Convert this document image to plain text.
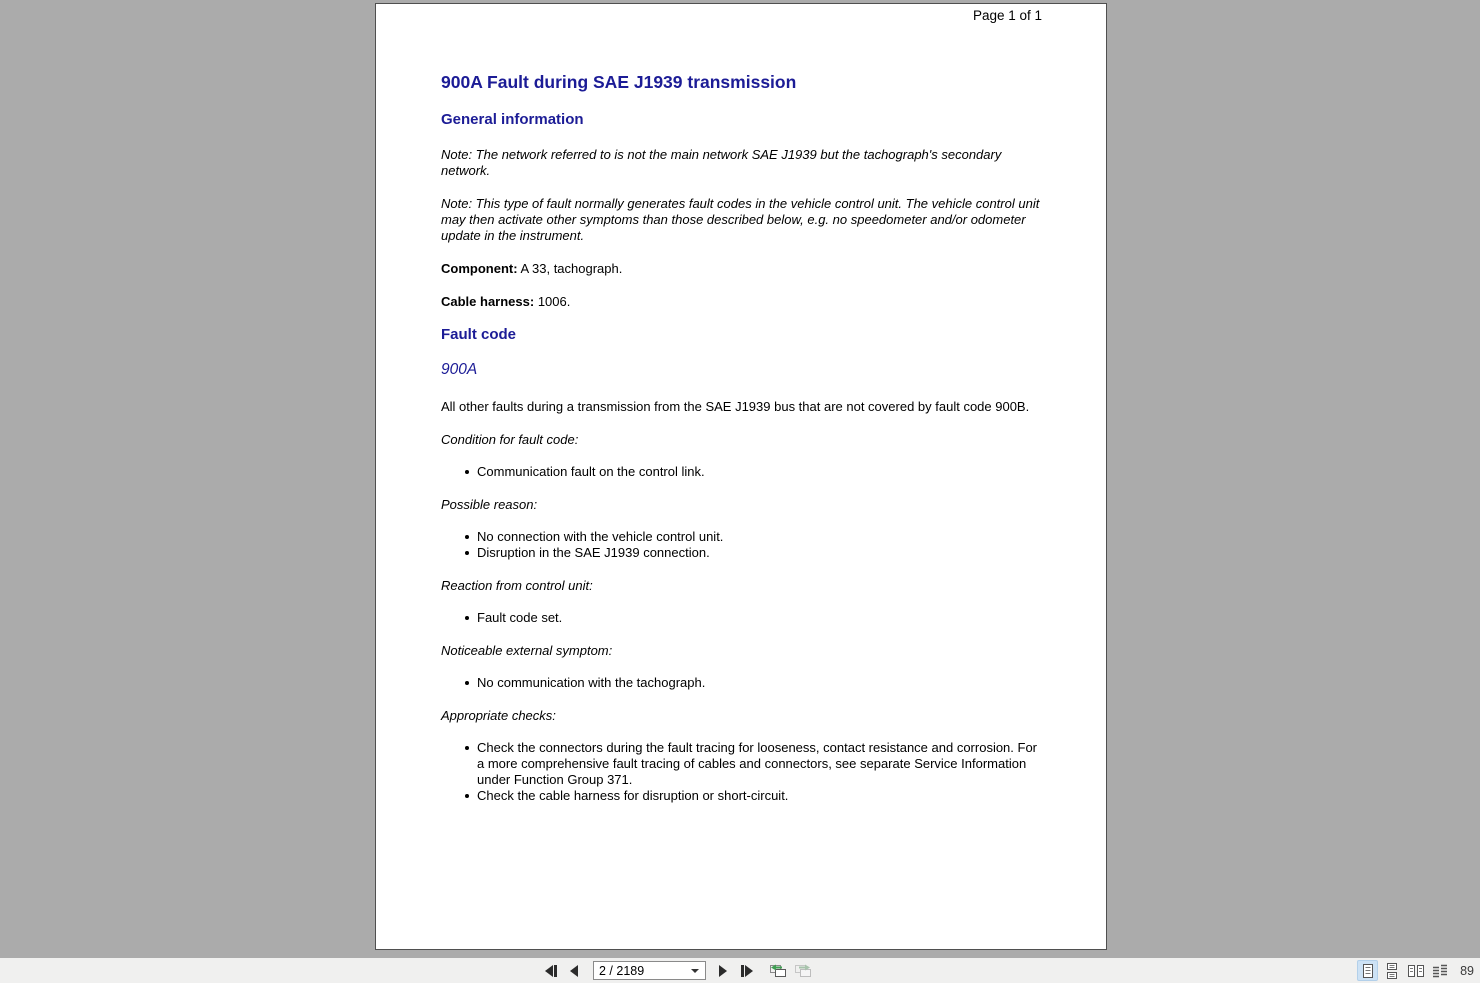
Page 1 of 1
900A Fault during SAE J1939 transmission
General information

Note: The network referred to is not the main network SAE J1939 but the tachograph's secondary network.

Note: This type of fault normally generates fault codes in the vehicle control unit. The vehicle control unit may then activate other symptoms than those described below, e.g. no speedometer and/or odometer update in the instrument.

Component: A 33, tachograph.

Cable harness: 1006.

Fault code
900A

All other faults during a transmission from the SAE J1939 bus that are not covered by fault code 900B.

Condition for fault code:

Communication fault on the control link.

Possible reason:

No connection with the vehicle control unit.
Disruption in the SAE J1939 connection.

Reaction from control unit:

Fault code set.

Noticeable external symptom:

No communication with the tachograph.

Appropriate checks:

Check the connectors during the fault tracing for looseness, contact resistance and corrosion. For a more comprehensive fault tracing of cables and connectors, see separate Service Information under Function Group 371.
Check the cable harness for disruption or short-circuit.
2 / 2189	89
